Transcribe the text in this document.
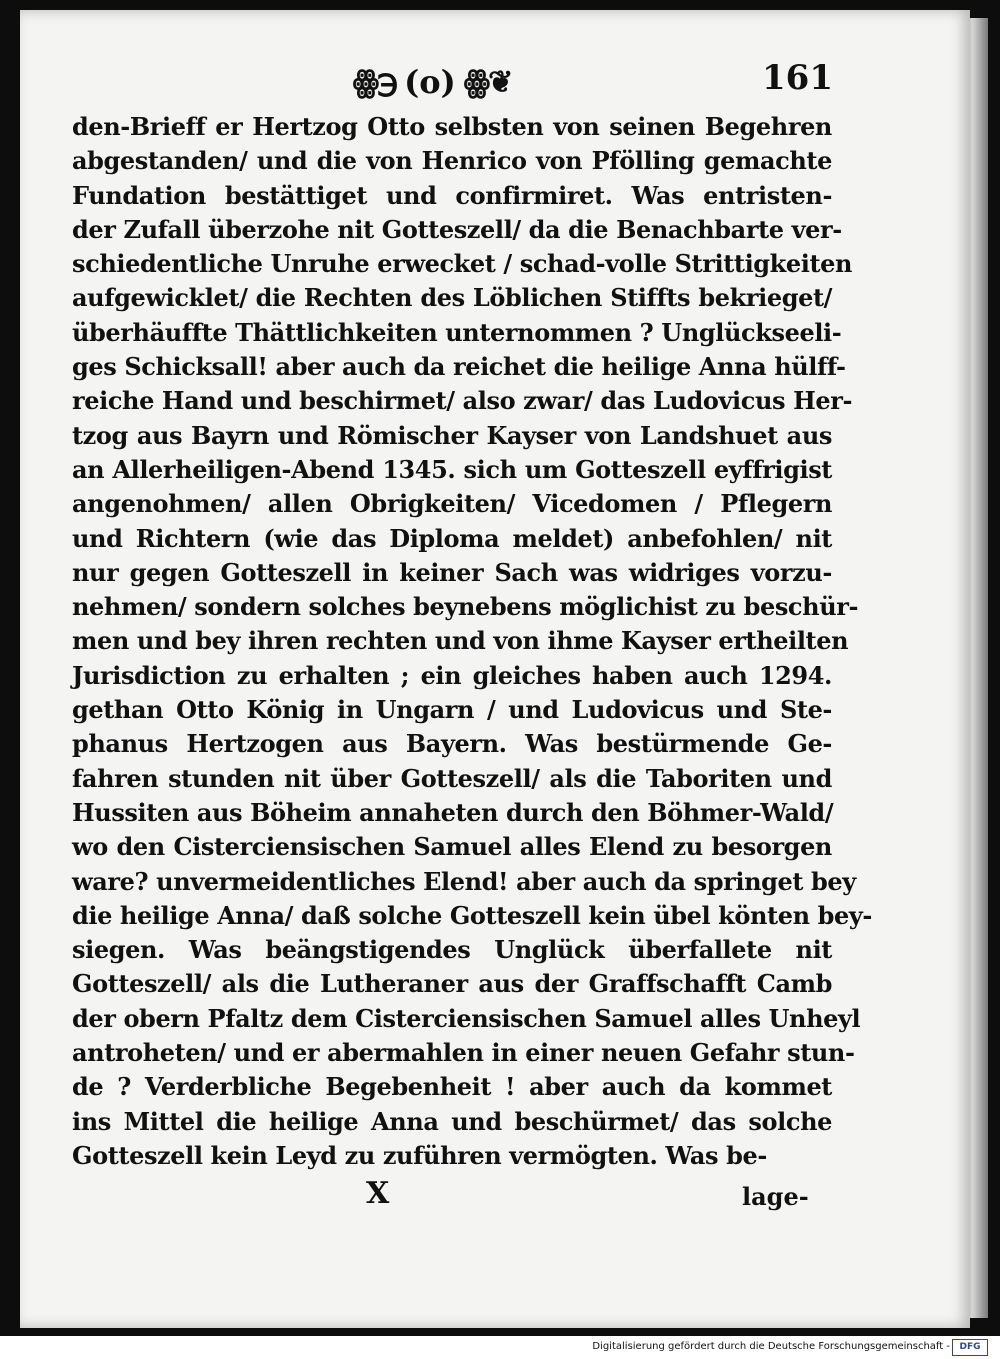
ꙮ℈ (o) ꙮ❦	161
den-Brieff er Hertzog Otto selbsten von seinen Begehren
abgestanden/ und die von Henrico von Pfölling gemachte
Fundation bestättiget und confirmiret. Was entristen-
der Zufall überzohe nit Gotteszell/ da die Benachbarte ver-
schiedentliche Unruhe erwecket / schad-volle Strittigkeiten
aufgewicklet/ die Rechten des Löblichen Stiffts bekrieget/
überhäuffte Thättlichkeiten unternommen ? Unglückseeli-
ges Schicksall! aber auch da reichet die heilige Anna hülff-
reiche Hand und beschirmet/ also zwar/ das Ludovicus Her-
tzog aus Bayrn und Römischer Kayser von Landshuet aus
an Allerheiligen-Abend 1345. sich um Gotteszell eyffrigist
angenohmen/ allen Obrigkeiten/ Vicedomen / Pflegern
und Richtern (wie das Diploma meldet) anbefohlen/ nit
nur gegen Gotteszell in keiner Sach was widriges vorzu-
nehmen/ sondern solches beynebens möglichist zu beschür-
men und bey ihren rechten und von ihme Kayser ertheilten
Jurisdiction zu erhalten ; ein gleiches haben auch 1294.
gethan Otto König in Ungarn / und Ludovicus und Ste-
phanus Hertzogen aus Bayern. Was bestürmende Ge-
fahren stunden nit über Gotteszell/ als die Taboriten und
Hussiten aus Böheim annaheten durch den Böhmer-Wald/
wo den Cisterciensischen Samuel alles Elend zu besorgen
ware? unvermeidentliches Elend! aber auch da springet bey
die heilige Anna/ daß solche Gotteszell kein übel könten bey-
siegen. Was beängstigendes Unglück überfallete nit
Gotteszell/ als die Lutheraner aus der Graffschafft Camb
der obern Pfaltz dem Cisterciensischen Samuel alles Unheyl
antroheten/ und er abermahlen in einer neuen Gefahr stun-
de ? Verderbliche Begebenheit ! aber auch da kommet
ins Mittel die heilige Anna und beschürmet/ das solche
Gotteszell kein Leyd zu zuführen vermögten. Was be-
X	lage-
Digitalisierung gefördert durch die Deutsche Forschungsgemeinschaft -	DFG
